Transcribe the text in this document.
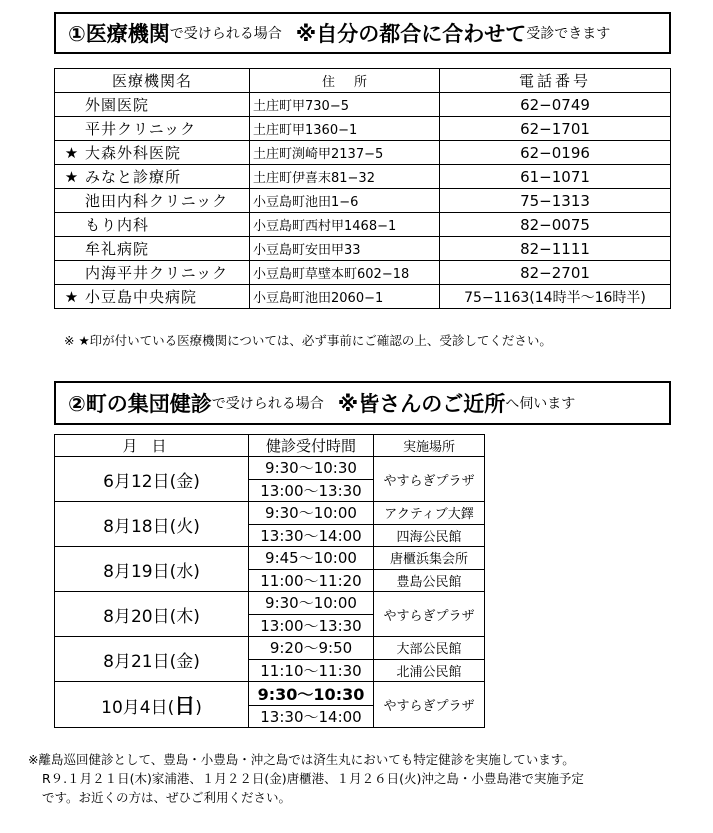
①医療機関 で受けられる場合 ※自分の都合に合わせて 受診できます
医療機関名	住　所	電話番号
外園医院	土庄町甲730−5	62−0749
平井クリニック	土庄町甲1360−1	62−1701
★ 大森外科医院	土庄町渕崎甲2137−5	62−0196
★ みなと診療所	土庄町伊喜末81−32	61−1071
池田内科クリニック	小豆島町池田1−6	75−1313
もり内科	小豆島町西村甲1468−1	82−0075
牟礼病院	小豆島町安田甲33	82−1111
内海平井クリニック	小豆島町草壁本町602−18	82−2701
★ 小豆島中央病院	小豆島町池田2060−1	75−1163(14時半〜16時半)
※ ★印が付いている医療機関については、必ず事前にご確認の上、受診してください。
②町の集団健診 で受けられる場合 ※皆さんのご近所 へ伺います
月日	健診受付時間	実施場所
6月12日(金)	9:30〜10:30	やすらぎプラザ
	13:00〜13:30	
8月18日(火)	9:30〜10:00	アクティブ大鐸
	13:30〜14:00	四海公民館
8月19日(水)	9:45〜10:00	唐櫃浜集会所
	11:00〜11:20	豊島公民館
8月20日(木)	9:30〜10:00	やすらぎプラザ
	13:00〜13:30	
8月21日(金)	9:20〜9:50	大部公民館
	11:10〜11:30	北浦公民館
10月4日(日)	9:30〜10:30	やすらぎプラザ
	13:30〜14:00	
※離島巡回健診として、豊島・小豊島・沖之島では済生丸においても特定健診を実施しています。
R９.１月２１日(木)家浦港、１月２２日(金)唐櫃港、１月２６日(火)沖之島・小豊島港で実施予定
です。お近くの方は、ぜひご利用ください。
